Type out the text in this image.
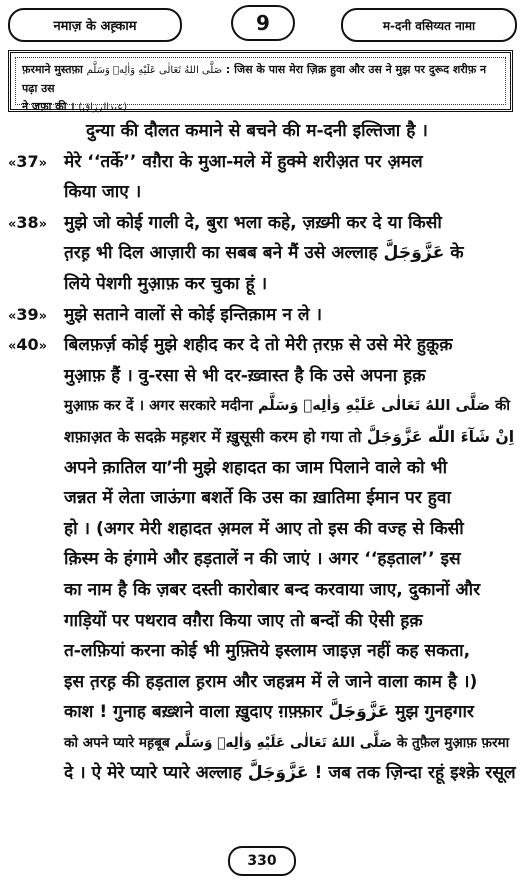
नमाज़ के अह़्काम	9	म-दनी वसिय्यत नामा
फ़रमाने मुस्तफ़ा صَلَّى اللهُ تَعَالٰى عَلَيْهِ وَاٰلِهٖ وَسَلَّم : जिस के पास मेरा ज़िक्र हुवा और उस ने मुझ पर दुरूद शरीफ़ न पढ़ा उस
ने जफ़ा की । (عبدالرزاق)
दुन्या की दौलत कमाने से बचने की म-दनी इल्तिजा है ।
«37» मेरे ‘‘तर्के’’ वग़ैरा के मुआ-मले में हुक्मे शरीअ़त पर अ़मल
किया जाए ।
«38» मुझे जो कोई गाली दे, बुरा भला कहे, ज़ख़्मी कर दे या किसी
त़रह़ भी दिल आज़ारी का सबब बने मैं उसे अल्लाह عَزَّوَجَلَّ के
लिये पेशगी मुआ़फ़ कर चुका हूं ।
«39» मुझे सताने वालों से कोई इन्तिक़ाम न ले ।
«40» बिलफ़र्ज़ कोई मुझे शहीद कर दे तो मेरी त़रफ़ से उसे मेरे हुक़ूक़
मुआ़फ़ हैं । वु-रसा से भी दर-ख़्वास्त है कि उसे अपना ह़क़
मुआ़फ़ कर दें । अगर सरकारे मदीना صَلَّى اللهُ تَعَالٰى عَلَيْهِ وَاٰلِهٖ وَسَلَّم की
शफ़ाअ़त के सदक़े मह़शर में ख़ुसूसी करम हो गया तो اِنْ شَآءَ اللّٰه عَزَّوَجَلَّ
अपने क़ातिल या’नी मुझे शहादत का जाम पिलाने वाले को भी
जन्नत में लेता जाऊंगा बशर्ते कि उस का ख़ातिमा ईमान पर हुवा
हो । (अगर मेरी शहादत अ़मल में आए तो इस की वज्ह से किसी
क़िस्म के हंगामे और हड़तालें न की जाएं । अगर ‘‘हड़ताल’’ इस
का नाम है कि ज़बर दस्ती कारोबार बन्द करवाया जाए, दुकानों और
गाड़ियों पर पथराव वग़ैरा किया जाए तो बन्दों की ऐसी ह़क़
त-लफ़ियां करना कोई भी मुफ़्तिये इस्लाम जाइज़ नहीं कह सकता,
इस त़रह़ की हड़ताल ह़राम और जहन्नम में ले जाने वाला काम है ।)
काश ! गुनाह बख़्शने वाला ख़ुदाए ग़फ़्फ़ार عَزَّوَجَلَّ मुझ गुनहगार
को अपने प्यारे मह़बूब صَلَّى اللهُ تَعَالٰى عَلَيْهِ وَاٰلِهٖ وَسَلَّم के तुफ़ैल मुआ़फ़ फ़रमा
दे । ऐ मेरे प्यारे प्यारे अल्लाह عَزَّوَجَلَّ ! जब तक ज़िन्दा रहूं इश्क़े रसूल
330
